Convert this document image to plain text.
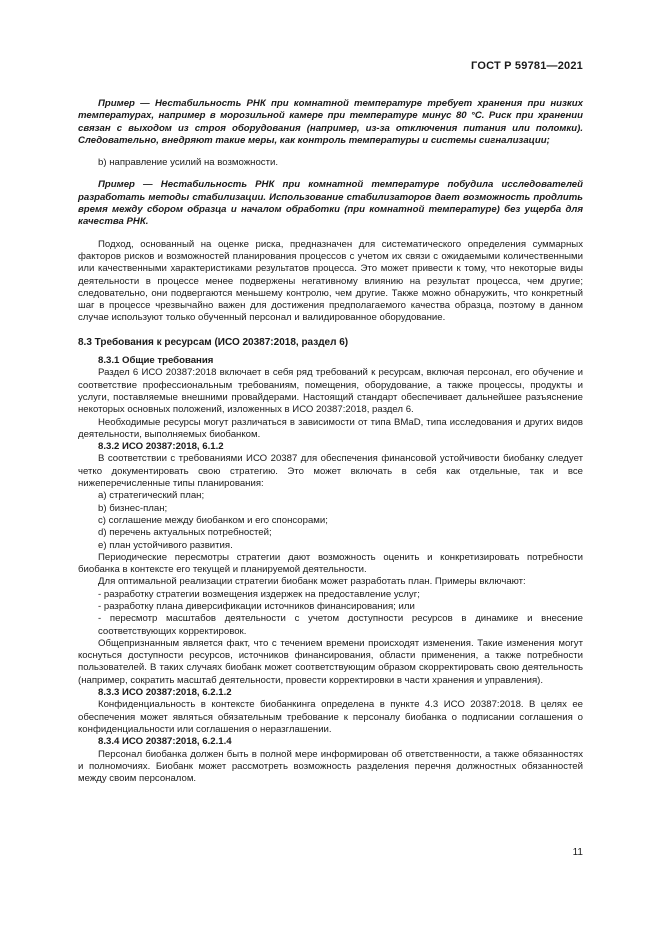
ГОСТ Р 59781—2021

Пример — Нестабильность РНК при комнатной температуре требует хранения при низких температурах, например в морозильной камере при температуре минус 80 °C. Риск при хранении связан с выходом из строя оборудования (например, из-за отключения питания или поломки). Следовательно, внедряют такие меры, как контроль температуры и системы сигнализации;

b) направление усилий на возможности.

Пример — Нестабильность РНК при комнатной температуре побудила исследователей разработать методы стабилизации. Использование стабилизаторов дает возможность продлить время между сбором образца и началом обработки (при комнатной температуре) без ущерба для качества РНК.

Подход, основанный на оценке риска, предназначен для систематического определения суммарных факторов рисков и возможностей планирования процессов с учетом их связи с ожидаемыми количественными или качественными характеристиками результатов процесса. Это может привести к тому, что некоторые виды деятельности в процессе менее подвержены негативному влиянию на результат процесса, чем другие; следовательно, они подвергаются меньшему контролю, чем другие. Также можно обнаружить, что конкретный шаг в процессе чрезвычайно важен для достижения предполагаемого качества образца, поэтому в данном случае используют только обученный персонал и валидированное оборудование.

8.3 Требования к ресурсам (ИСО 20387:2018, раздел 6)

8.3.1 Общие требования

Раздел 6 ИСО 20387:2018 включает в себя ряд требований к ресурсам, включая персонал, его обучение и соответствие профессиональным требованиям, помещения, оборудование, а также процессы, продукты и услуги, поставляемые внешними провайдерами. Настоящий стандарт обеспечивает дальнейшее разъяснение некоторых основных положений, изложенных в ИСО 20387:2018, раздел 6.

Необходимые ресурсы могут различаться в зависимости от типа BMaD, типа исследования и других видов деятельности, выполняемых биобанком.

8.3.2 ИСО 20387:2018, 6.1.2

В соответствии с требованиями ИСО 20387 для обеспечения финансовой устойчивости биобанку следует четко документировать свою стратегию. Это может включать в себя как отдельные, так и все нижеперечисленные типы планирования:

a) стратегический план;

b) бизнес-план;

c) соглашение между биобанком и его спонсорами;

d) перечень актуальных потребностей;

e) план устойчивого развития.

Периодические пересмотры стратегии дают возможность оценить и конкретизировать потребности биобанка в контексте его текущей и планируемой деятельности.

Для оптимальной реализации стратегии биобанк может разработать план. Примеры включают:

- разработку стратегии возмещения издержек на предоставление услуг;

- разработку плана диверсификации источников финансирования; или

- пересмотр масштабов деятельности с учетом доступности ресурсов в динамике и внесение соответствующих корректировок.

Общепризнанным является факт, что с течением времени происходят изменения. Такие изменения могут коснуться доступности ресурсов, источников финансирования, области применения, а также потребности пользователей. В таких случаях биобанк может соответствующим образом скорректировать свою деятельность (например, сократить масштаб деятельности, провести корректировки в части хранения и управления).

8.3.3 ИСО 20387:2018, 6.2.1.2

Конфиденциальность в контексте биобанкинга определена в пункте 4.3 ИСО 20387:2018. В целях ее обеспечения может являться обязательным требование к персоналу биобанка о подписании соглашения о конфиденциальности или соглашения о неразглашении.

8.3.4 ИСО 20387:2018, 6.2.1.4

Персонал биобанка должен быть в полной мере информирован об ответственности, а также обязанностях и полномочиях. Биобанк может рассмотреть возможность разделения перечня должностных обязанностей между своим персоналом.

11
